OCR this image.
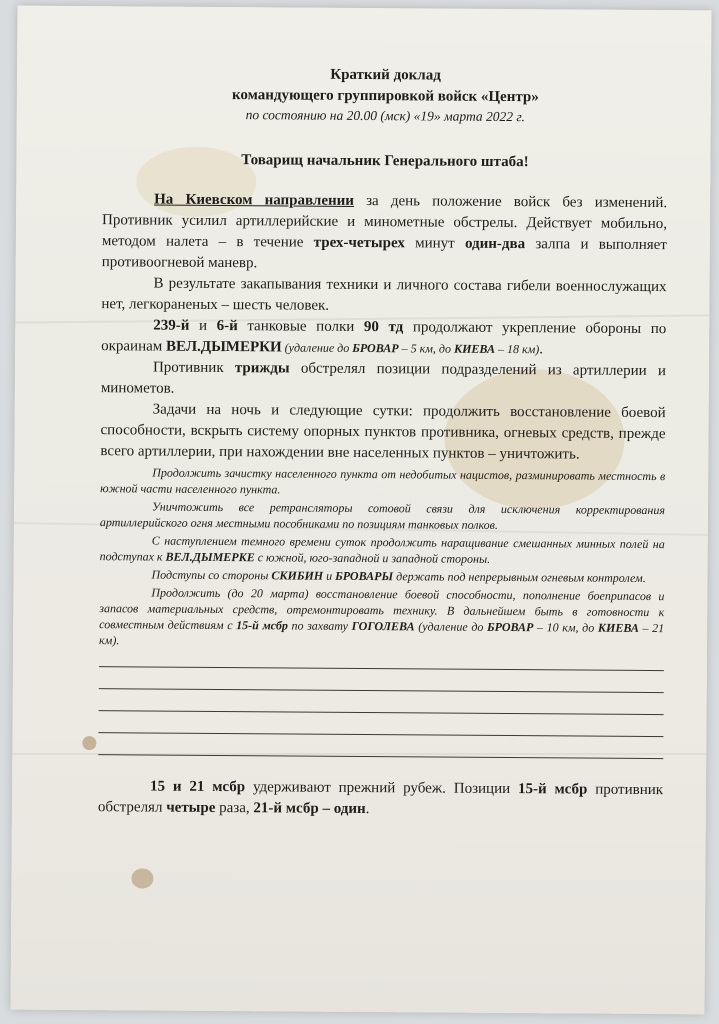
Краткий доклад
командующего группировкой войск «Центр»
по состоянию на 20.00 (мск) «19» марта 2022 г.
Товарищ начальник Генерального штаба!

На Киевском направлении за день положение войск без изменений. Противник усилил артиллерийские и минометные обстрелы. Действует мобильно, методом налета – в течение трех-четырех минут один-два залпа и выполняет противоогневой маневр.

В результате закапывания техники и личного состава гибели военнослужащих нет, легкораненых – шесть человек.

239-й и 6-й танковые полки 90 тд продолжают укрепление обороны по окраинам ВЕЛ.ДЫМЕРКИ (удаление до БРОВАР – 5 км, до КИЕВА – 18 км).

Противник трижды обстрелял позиции подразделений из артиллерии и минометов.

Задачи на ночь и следующие сутки: продолжить восстановление боевой способности, вскрыть систему опорных пунктов противника, огневых средств, прежде всего артиллерии, при нахождении вне населенных пунктов – уничтожить.

Продолжить зачистку населенного пункта от недобитых нацистов, разминировать местность в южной части населенного пункта.

Уничтожить все ретрансляторы сотовой связи для исключения корректирования артиллерийского огня местными пособниками по позициям танковых полков.

С наступлением темного времени суток продолжить наращивание смешанных минных полей на подступах к ВЕЛ.ДЫМЕРКЕ с южной, юго-западной и западной стороны.

Подступы со стороны СКИБИН и БРОВАРЫ держать под непрерывным огневым контролем.

Продолжить (до 20 марта) восстановление боевой способности, пополнение боеприпасов и запасов материальных средств, отремонтировать технику. В дальнейшем быть в готовности к совместным действиям с 15-й мсбр по захвату ГОГОЛЕВА (удаление до БРОВАР – 10 км, до КИЕВА – 21 км).

15 и 21 мсбр удерживают прежний рубеж. Позиции 15-й мсбр противник обстрелял четыре раза, 21-й мсбр – один.
